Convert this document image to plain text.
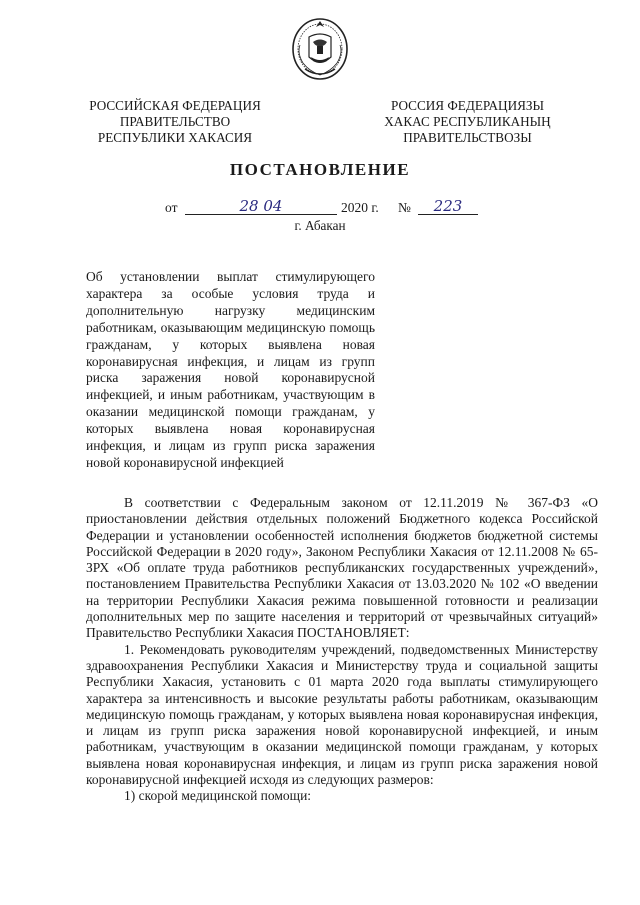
РОССИЙСКАЯ ФЕДЕРАЦИЯ
ПРАВИТЕЛЬСТВО
РЕСПУБЛИКИ ХАКАСИЯ
РОССИЯ ФЕДЕРАЦИЯЗЫ
ХАКАС РЕСПУБЛИКАНЫҢ
ПРАВИТЕЛЬСТВОЗЫ
ПОСТАНОВЛЕНИЕ
от	28 04	2020 г. №	223
г. Абакан
Об установлении выплат стимулирующего характера за особые условия труда и дополнительную нагрузку медицинским работникам, оказывающим медицинскую помощь гражданам, у которых выявлена новая коронавирусная инфекция, и лицам из групп риска заражения новой коронавирусной инфекцией, и иным работникам, участвующим в оказании медицинской помощи гражданам, у которых выявлена новая коронавирусная инфекция, и лицам из групп риска заражения новой коронавирусной инфекцией

В соответствии с Федеральным законом от 12.11.2019 № 367-ФЗ «О приостановлении действия отдельных положений Бюджетного кодекса Российской Федерации и установлении особенностей исполнения бюджетов бюджетной системы Российской Федерации в 2020 году», Законом Республики Хакасия от 12.11.2008 № 65-ЗРХ «Об оплате труда работников республиканских государственных учреждений», постановлением Правительства Республики Хакасия от 13.03.2020 № 102 «О введении на территории Республики Хакасия режима повышенной готовности и реализации дополнительных мер по защите населения и территорий от чрезвычайных ситуаций» Правительство Республики Хакасия ПОСТАНОВЛЯЕТ:

1. Рекомендовать руководителям учреждений, подведомственных Министерству здравоохранения Республики Хакасия и Министерству труда и социальной защиты Республики Хакасия, установить с 01 марта 2020 года выплаты стимулирующего характера за интенсивность и высокие результаты работы работникам, оказывающим медицинскую помощь гражданам, у которых выявлена новая коронавирусная инфекция, и лицам из групп риска заражения новой коронавирусной инфекцией, и иным работникам, участвующим в оказании медицинской помощи гражданам, у которых выявлена новая коронавирусная инфекция, и лицам из групп риска заражения новой коронавирусной инфекцией исходя из следующих размеров:

1) скорой медицинской помощи:
